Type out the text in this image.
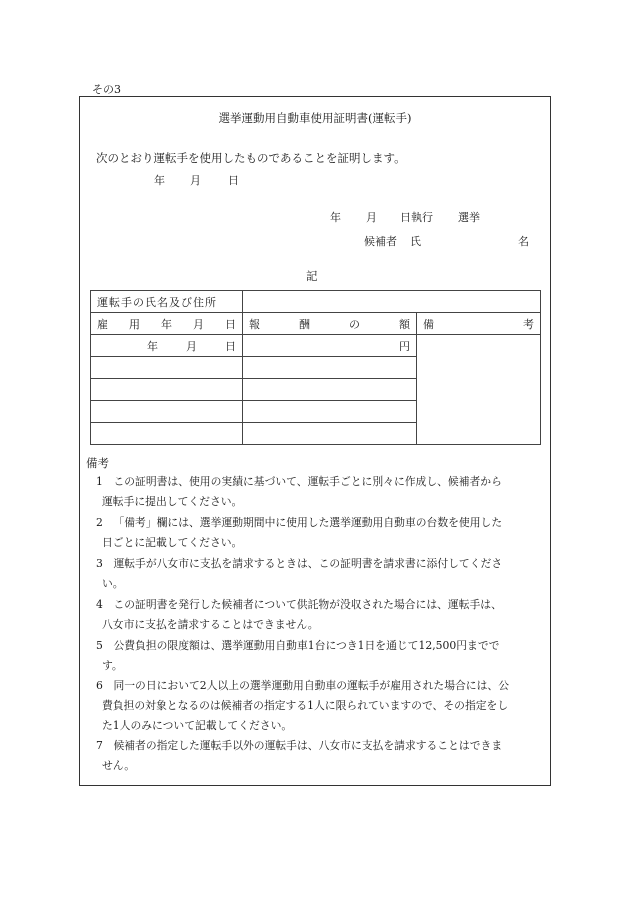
その3
選挙運動用自動車使用証明書(運転手)
次のとおり運転手を使用したものであることを証明します。
年 月 日
年 月 日執行 選挙
候補者 氏	名
記
運転手の氏名及び住所		

雇 用 年 月 日	報 酬 の 額	備 考

年 月 日	円	

備考
1 この証明書は、使用の実績に基づいて、運転手ごとに別々に作成し、候補者から
運転手に提出してください。
2 「備考」欄には、選挙運動期間中に使用した選挙運動用自動車の台数を使用した
日ごとに記載してください。
3 運転手が八女市に支払を請求するときは、この証明書を請求書に添付してくださ
い。
4 この証明書を発行した候補者について供託物が没収された場合には、運転手は、
八女市に支払を請求することはできません。
5 公費負担の限度額は、選挙運動用自動車1台につき1日を通じて12,500円までで
す。
6 同一の日において2人以上の選挙運動用自動車の運転手が雇用された場合には、公
費負担の対象となるのは候補者の指定する1人に限られていますので、その指定をし
た1人のみについて記載してください。
7 候補者の指定した運転手以外の運転手は、八女市に支払を請求することはできま
せん。
